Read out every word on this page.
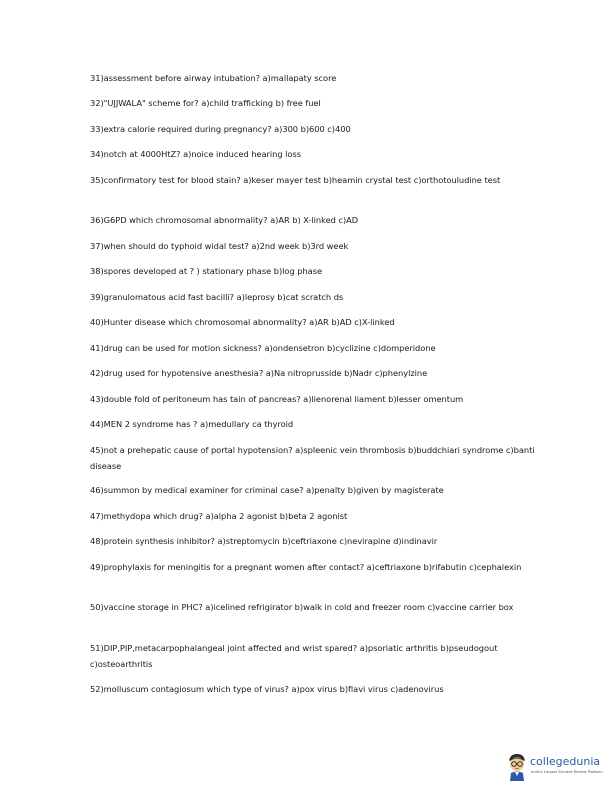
31)assessment before airway intubation? a)mallapaty score
32)"UJJWALA" scheme for? a)child trafficking b) free fuel
33)extra calorie required during pregnancy? a)300 b)600 c)400
34)notch at 4000HtZ? a)noice induced hearing loss
35)confirmatory test for blood stain? a)keser mayer test b)heamin crystal test c)orthotouludine test
36)G6PD which chromosomal abnormality? a)AR b) X-linked c)AD
37)when should do typhoid widal test? a)2nd week b)3rd week
38)spores developed at ? ) stationary phase b)log phase
39)granulomatous acid fast bacilli? a)leprosy b)cat scratch ds
40)Hunter disease which chromosomal abnormality? a)AR b)AD c)X-linked
41)drug can be used for motion sickness? a)ondensetron b)cyclizine c)domperidone
42)drug used for hypotensive anesthesia? a)Na nitroprusside b)Nadr c)phenylzine
43)double fold of peritoneum has tain of pancreas? a)lienorenal liament b)lesser omentum
44)MEN 2 syndrome has ? a)medullary ca thyroid
45)not a prehepatic cause of portal hypotension? a)spleenic vein thrombosis b)buddchiari syndrome c)banti disease
46)summon by medical examiner for criminal case? a)penalty b)given by magisterate
47)methydopa which drug? a)alpha 2 agonist b)beta 2 agonist
48)protein synthesis inhibitor? a)streptomycin b)ceftriaxone c)nevirapine d)indinavir
49)prophylaxis for meningitis for a pregnant women after contact? a)ceftriaxone b)rifabutin c)cephalexin
50)vaccine storage in PHC? a)icelined refrigirator b)walk in cold and freezer room c)vaccine carrier box
51)DIP,PIP,metacarpophalangeal joint affected and wrist spared? a)psoriatic arthritis b)pseudogout c)osteoarthritis
52)molluscum contagiosum which type of virus? a)pox virus b)flavi virus c)adenovirus
collegedunia
India's Largest Student Review Platform
